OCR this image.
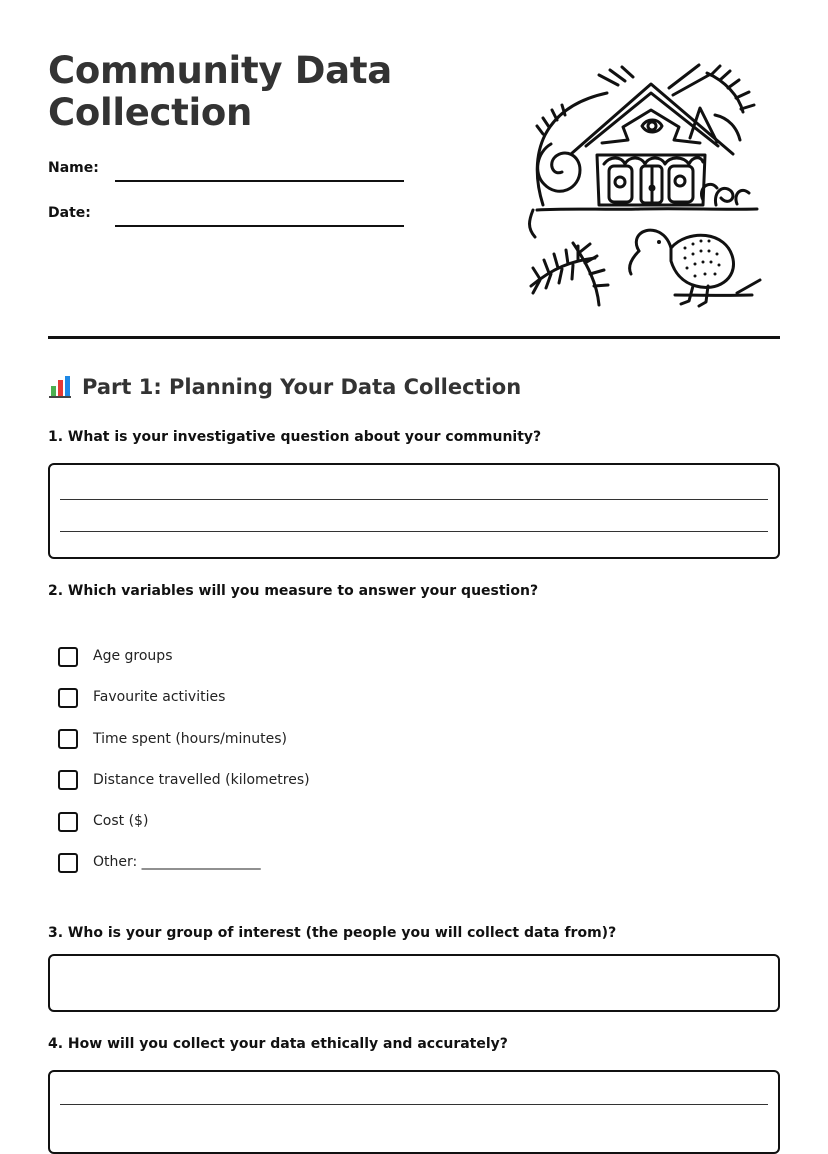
Community Data Collection
Name:
Date:
Part 1: Planning Your Data Collection

1. What is your investigative question about your community?

2. Which variables will you measure to answer your question?

Age groups
Favourite activities
Time spent (hours/minutes)
Distance travelled (kilometres)
Cost ($)
Other: _________________

3. Who is your group of interest (the people you will collect data from)?

4. How will you collect your data ethically and accurately?
